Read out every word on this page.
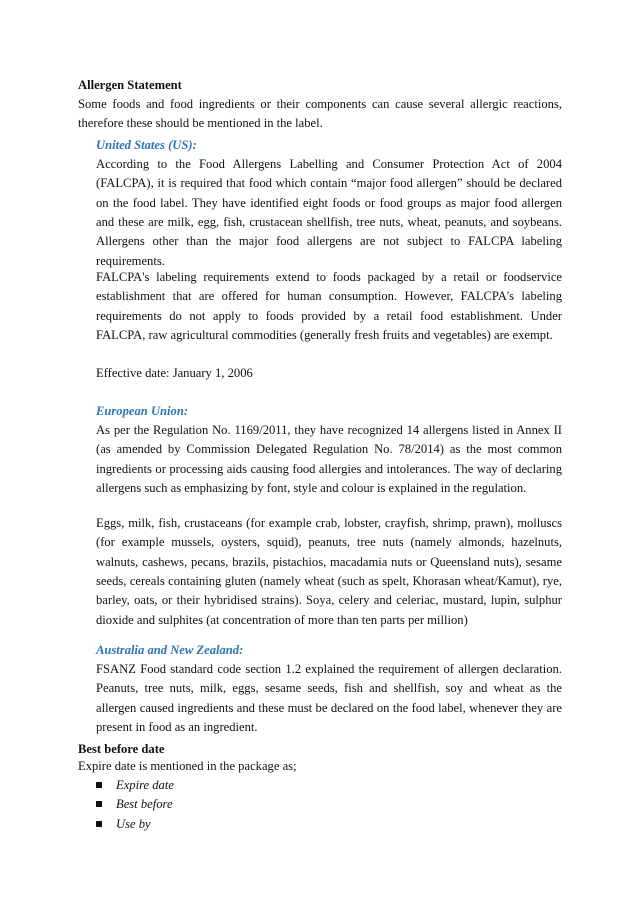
Allergen Statement

Some foods and food ingredients or their components can cause several allergic reactions, therefore these should be mentioned in the label.

United States (US):

According to the Food Allergens Labelling and Consumer Protection Act of 2004 (FALCPA), it is required that food which contain “major food allergen” should be declared on the food label. They have identified eight foods or food groups as major food allergen and these are milk, egg, fish, crustacean shellfish, tree nuts, wheat, peanuts, and soybeans. Allergens other than the major food allergens are not subject to FALCPA labeling requirements.

FALCPA's labeling requirements extend to foods packaged by a retail or foodservice establishment that are offered for human consumption. However, FALCPA's labeling requirements do not apply to foods provided by a retail food establishment. Under FALCPA, raw agricultural commodities (generally fresh fruits and vegetables) are exempt.

Effective date: January 1, 2006

European Union:

As per the Regulation No. 1169/2011, they have recognized 14 allergens listed in Annex II (as amended by Commission Delegated Regulation No. 78/2014) as the most common ingredients or processing aids causing food allergies and intolerances. The way of declaring allergens such as emphasizing by font, style and colour is explained in the regulation.

Eggs, milk, fish, crustaceans (for example crab, lobster, crayfish, shrimp, prawn), molluscs (for example mussels, oysters, squid), peanuts, tree nuts (namely almonds, hazelnuts, walnuts, cashews, pecans, brazils, pistachios, macadamia nuts or Queensland nuts), sesame seeds, cereals containing gluten (namely wheat (such as spelt, Khorasan wheat/Kamut), rye, barley, oats, or their hybridised strains). Soya, celery and celeriac, mustard, lupin, sulphur dioxide and sulphites (at concentration of more than ten parts per million)

Australia and New Zealand:

FSANZ Food standard code section 1.2 explained the requirement of allergen declaration. Peanuts, tree nuts, milk, eggs, sesame seeds, fish and shellfish, soy and wheat as the allergen caused ingredients and these must be declared on the food label, whenever they are present in food as an ingredient.

Best before date

Expire date is mentioned in the package as;

Expire date
Best before
Use by
